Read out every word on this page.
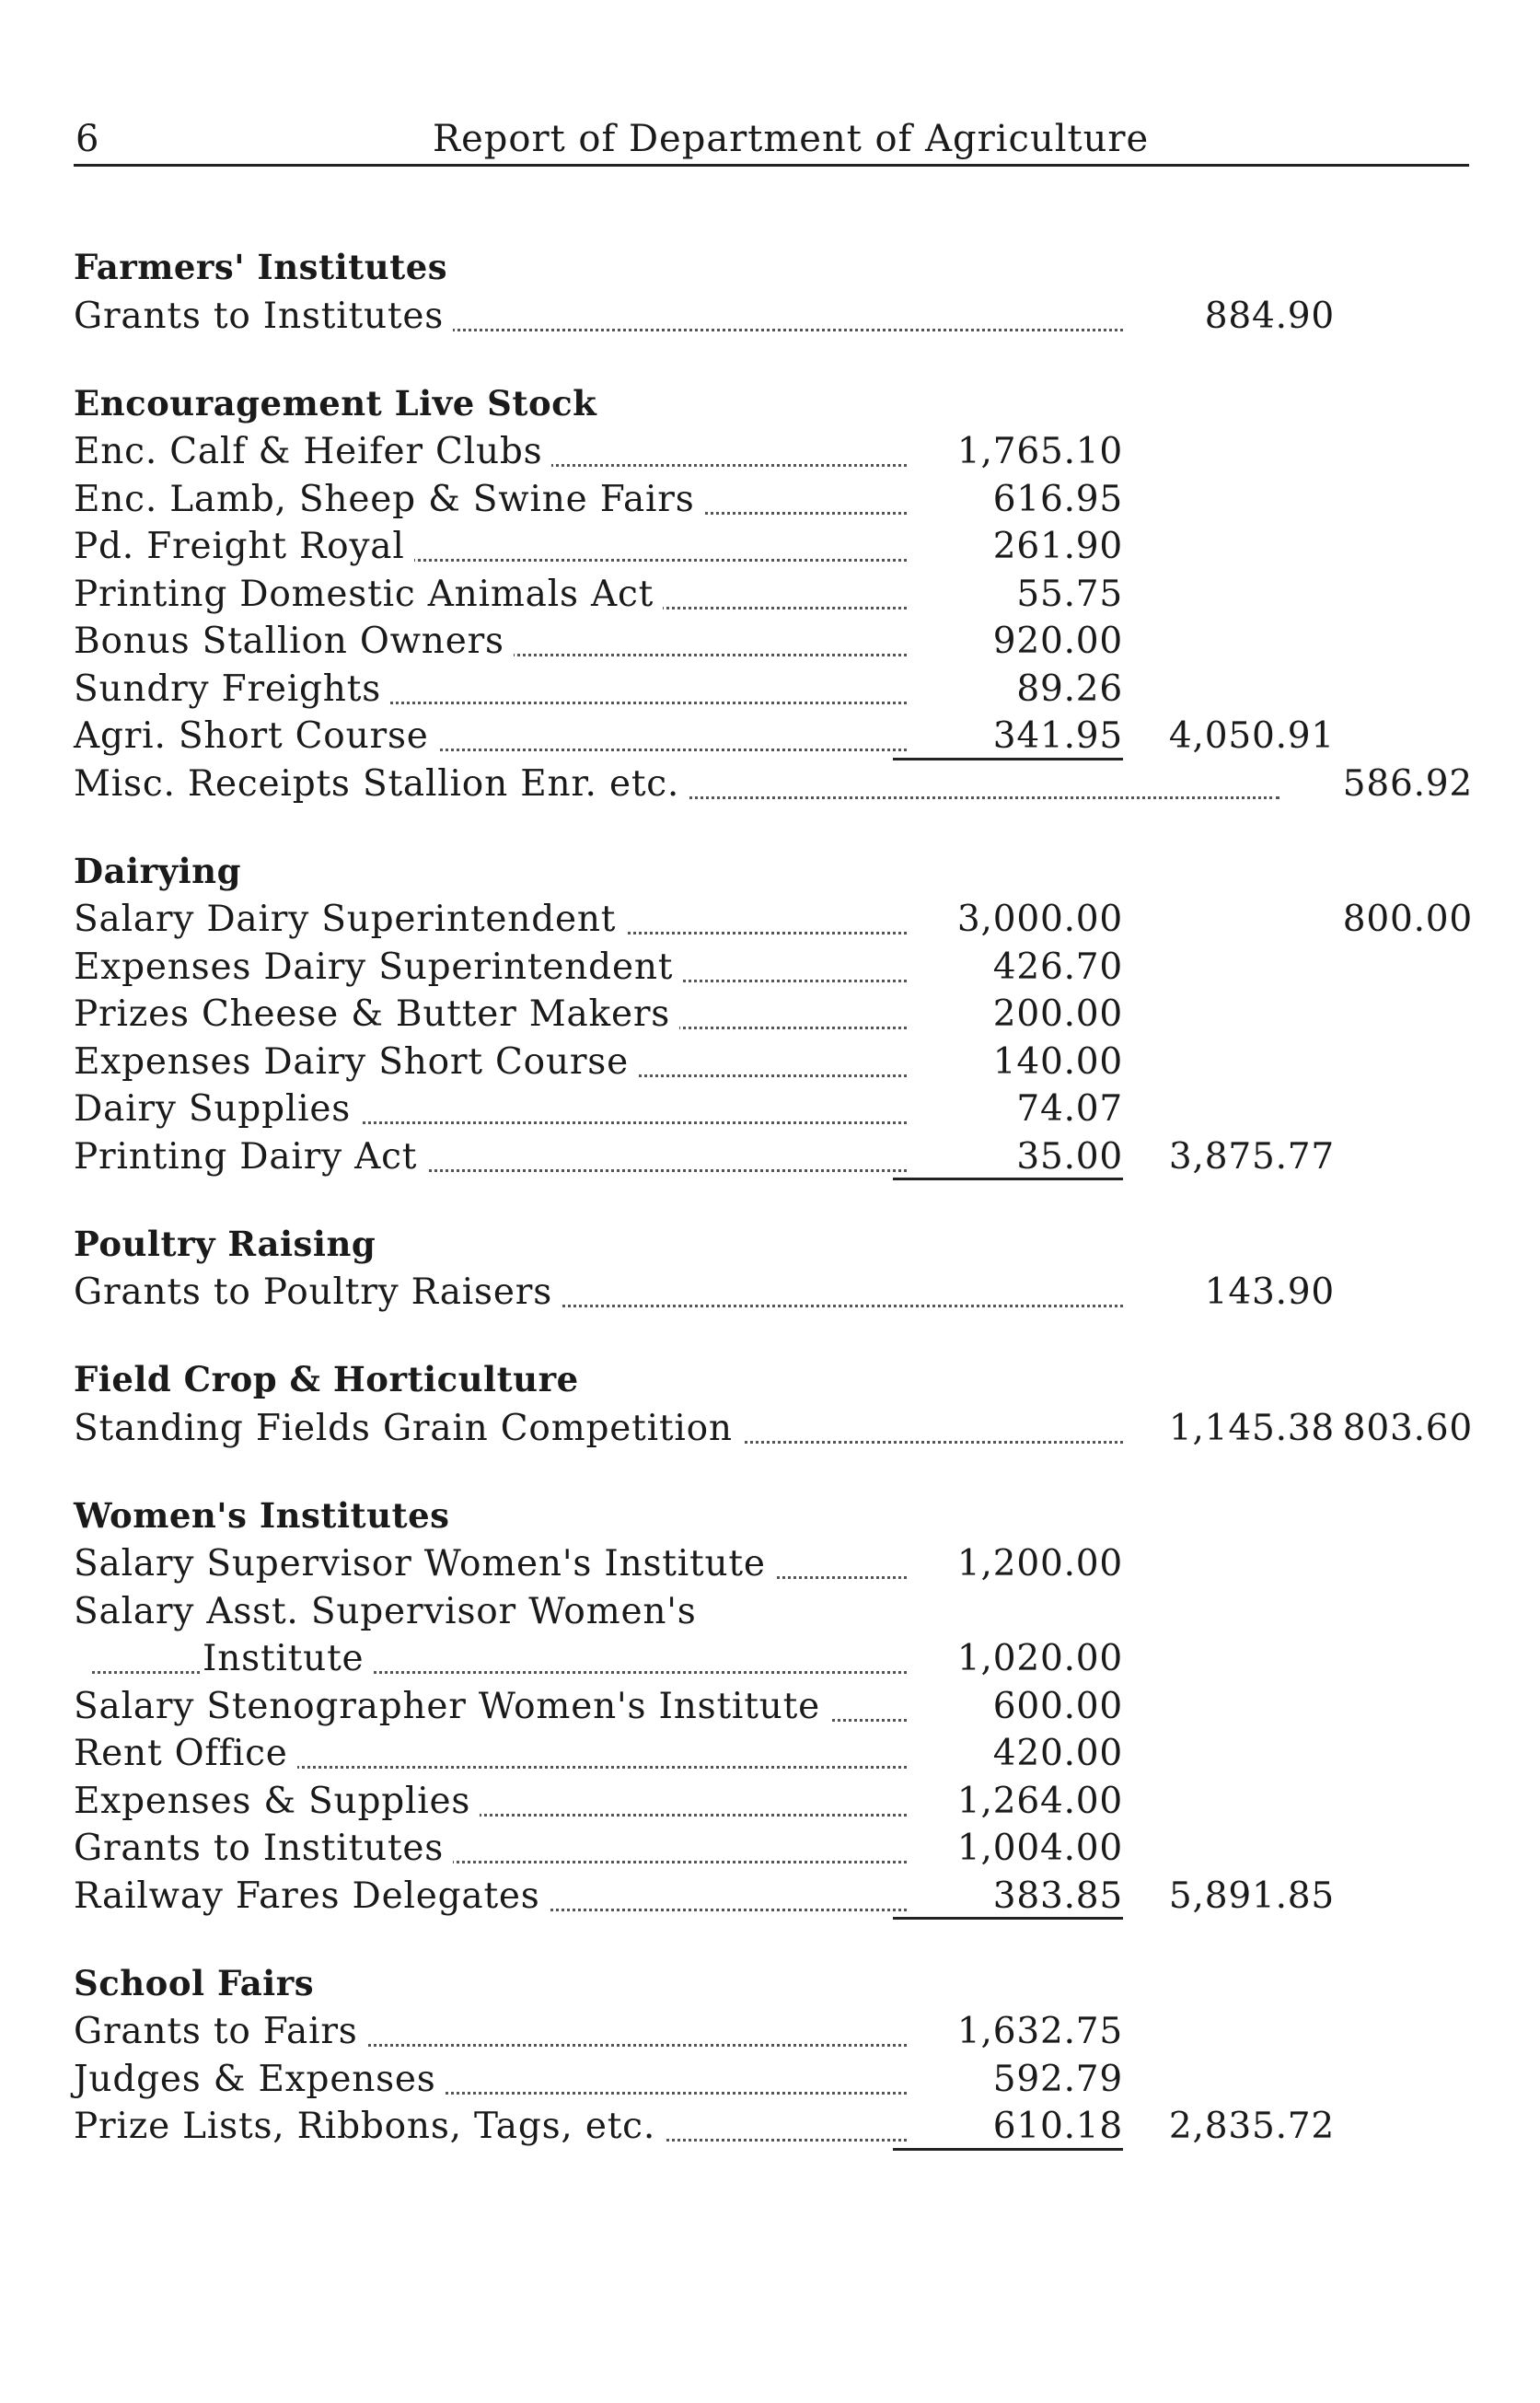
6	Report of Department of Agriculture
Farmers' Institutes
Grants to Institutes	884.90
Encouragement Live Stock
Enc. Calf & Heifer Clubs	1,765.10
Enc. Lamb, Sheep & Swine Fairs	616.95
Pd. Freight Royal	261.90
Printing Domestic Animals Act	55.75
Bonus Stallion Owners	920.00
Sundry Freights	89.26
Agri. Short Course	341.95	4,050.91
Misc. Receipts Stallion Enr. etc.	586.92
Dairying
Salary Dairy Superintendent	3,000.00	800.00
Expenses Dairy Superintendent	426.70
Prizes Cheese & Butter Makers	200.00
Expenses Dairy Short Course	140.00
Dairy Supplies	74.07
Printing Dairy Act	35.00	3,875.77
Poultry Raising
Grants to Poultry Raisers	143.90
Field Crop & Horticulture
Standing Fields Grain Competition	1,145.38 803.60
Women's Institutes
Salary Supervisor Women's Institute	1,200.00
Salary Asst. Supervisor Women's
Institute	1,020.00
Salary Stenographer Women's Institute	600.00
Rent Office	420.00
Expenses & Supplies	1,264.00
Grants to Institutes	1,004.00
Railway Fares Delegates	383.85	5,891.85
School Fairs
Grants to Fairs	1,632.75
Judges & Expenses	592.79
Prize Lists, Ribbons, Tags, etc.	610.18	2,835.72
